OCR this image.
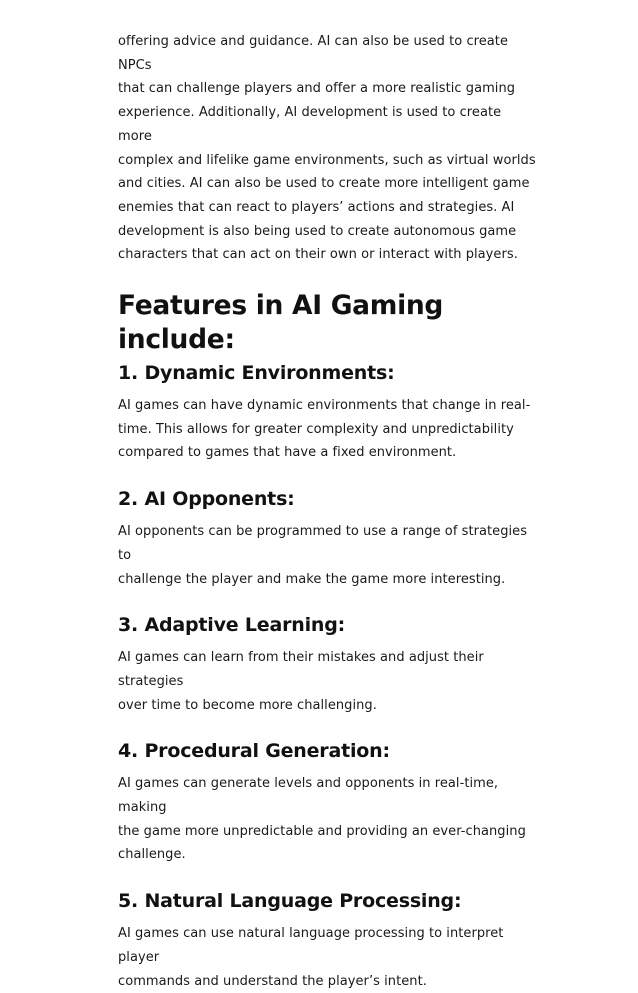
offering advice and guidance. AI can also be used to create NPCs
that can challenge players and offer a more realistic gaming
experience. Additionally, AI development is used to create more
complex and lifelike game environments, such as virtual worlds
and cities. AI can also be used to create more intelligent game
enemies that can react to players’ actions and strategies. AI
development is also being used to create autonomous game
characters that can act on their own or interact with players.
Features in AI Gaming include:
1. Dynamic Environments:
AI games can have dynamic environments that change in real-
time. This allows for greater complexity and unpredictability
compared to games that have a fixed environment.
2. AI Opponents:
AI opponents can be programmed to use a range of strategies to
challenge the player and make the game more interesting.
3. Adaptive Learning:
AI games can learn from their mistakes and adjust their strategies
over time to become more challenging.
4. Procedural Generation:
AI games can generate levels and opponents in real-time, making
the game more unpredictable and providing an ever-changing
challenge.
5. Natural Language Processing:
AI games can use natural language processing to interpret player
commands and understand the player’s intent.
